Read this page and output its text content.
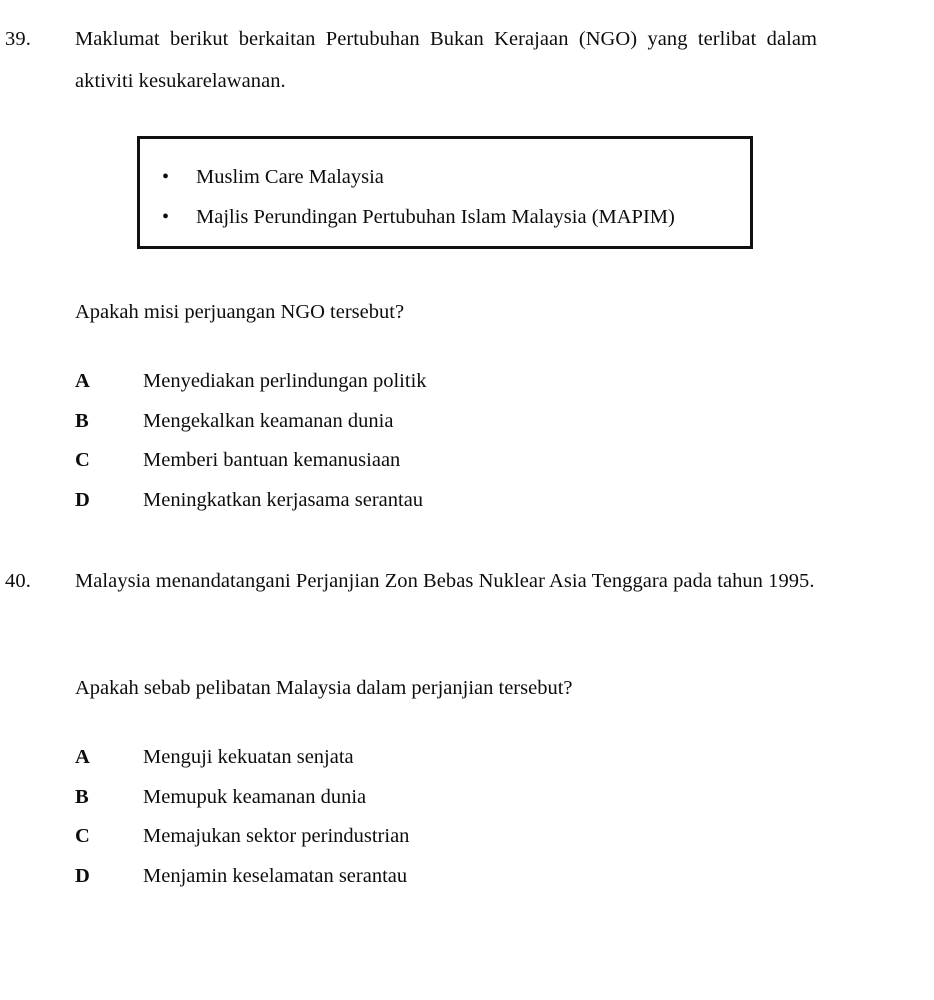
39.	Maklumat berikut berkaitan Pertubuhan Bukan Kerajaan (NGO) yang terlibat dalam aktiviti kesukarelawanan.

• Muslim Care Malaysia
• Majlis Perundingan Pertubuhan Islam Malaysia (MAPIM)
Apakah misi perjuangan NGO tersebut?
A	Menyediakan perlindungan politik
B	Mengekalkan keamanan dunia
C	Memberi bantuan kemanusiaan
D	Meningkatkan kerjasama serantau
40.	Malaysia menandatangani Perjanjian Zon Bebas Nuklear Asia Tenggara pada tahun 1995.

Apakah sebab pelibatan Malaysia dalam perjanjian tersebut?
A	Menguji kekuatan senjata
B	Memupuk keamanan dunia
C	Memajukan sektor perindustrian
D	Menjamin keselamatan serantau
